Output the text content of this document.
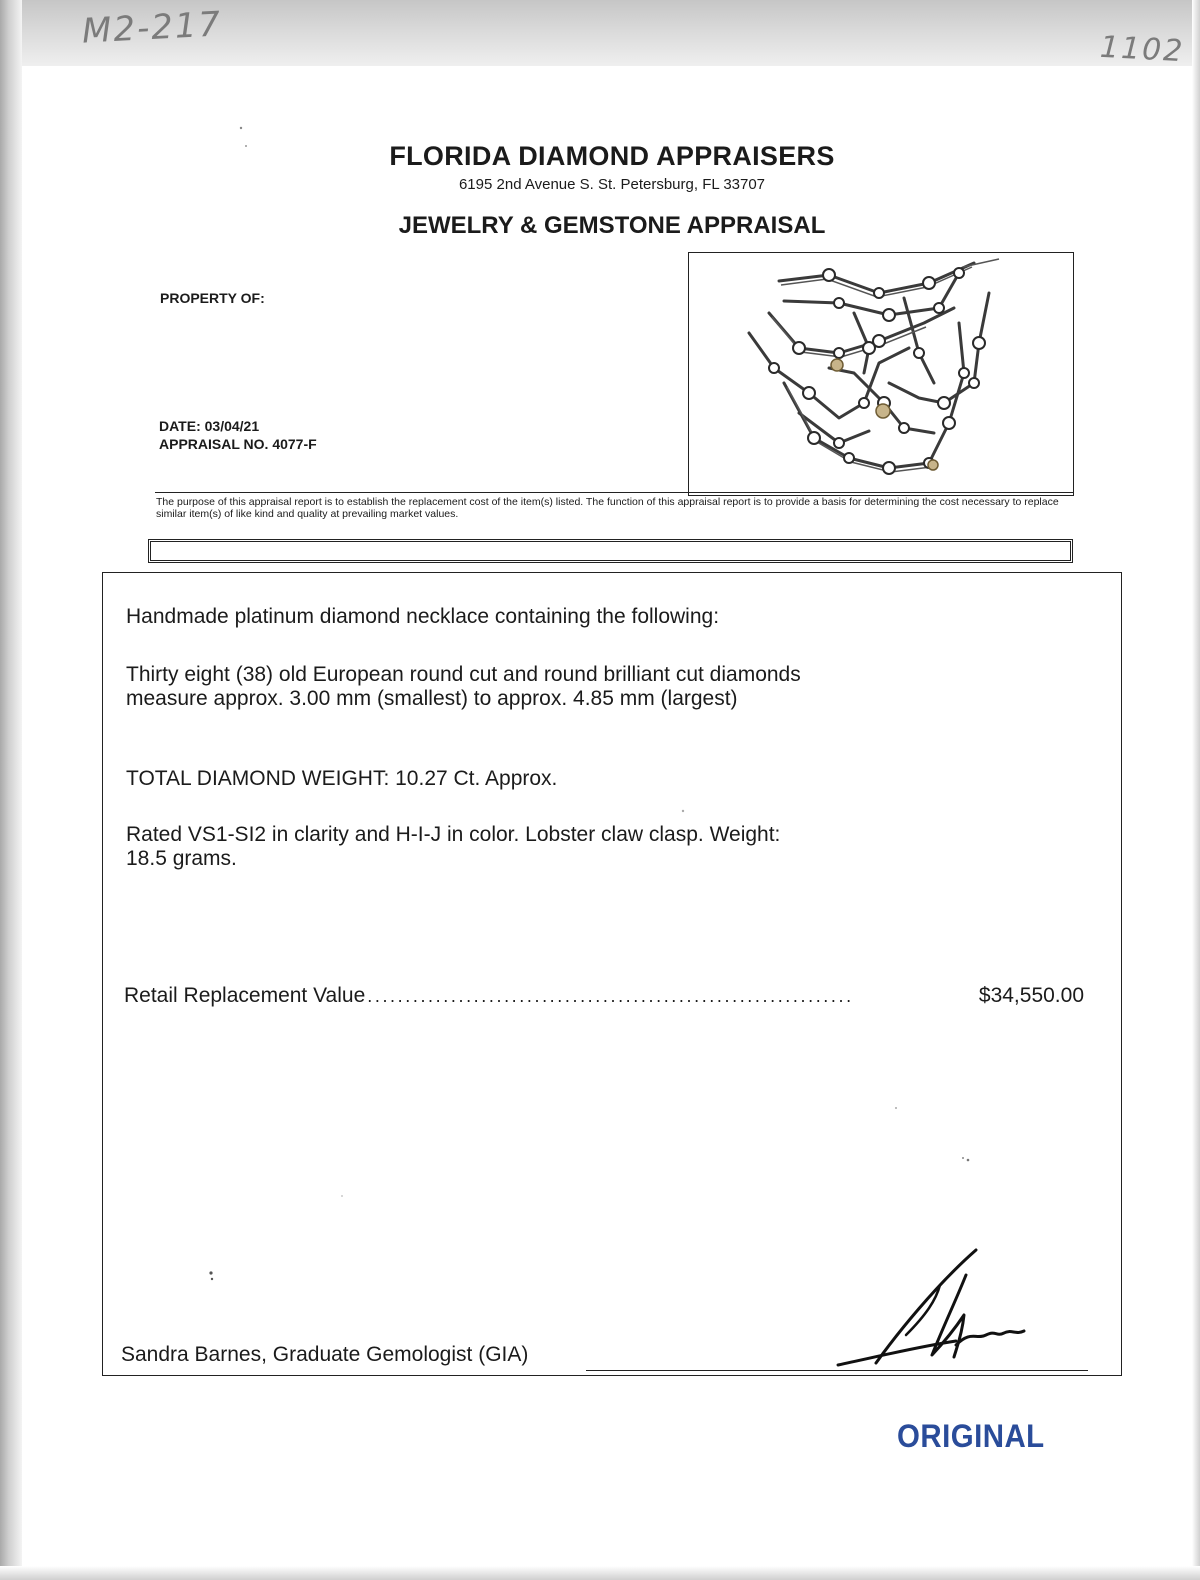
M2-217	1102
FLORIDA DIAMOND APPRAISERS
6195 2nd Avenue S. St. Petersburg, FL 33707
JEWELRY & GEMSTONE APPRAISAL
PROPERTY OF:
DATE: 03/04/21
APPRAISAL NO. 4077-F
The purpose of this appraisal report is to establish the replacement cost of the item(s) listed. The function of this appraisal report is to provide a basis for determining the cost necessary to replace similar item(s) of like kind and quality at prevailing market values.
Handmade platinum diamond necklace containing the following:
Thirty eight (38) old European round cut and round brilliant cut diamonds measure approx. 3.00 mm (smallest) to approx. 4.85 mm (largest)
TOTAL DIAMOND WEIGHT: 10.27 Ct. Approx.
Rated VS1-SI2 in clarity and H-I-J in color. Lobster claw clasp. Weight: 18.5 grams.
Retail Replacement Value ................................................................	$34,550.00
Sandra Barnes, Graduate Gemologist (GIA)
ORIGINAL
